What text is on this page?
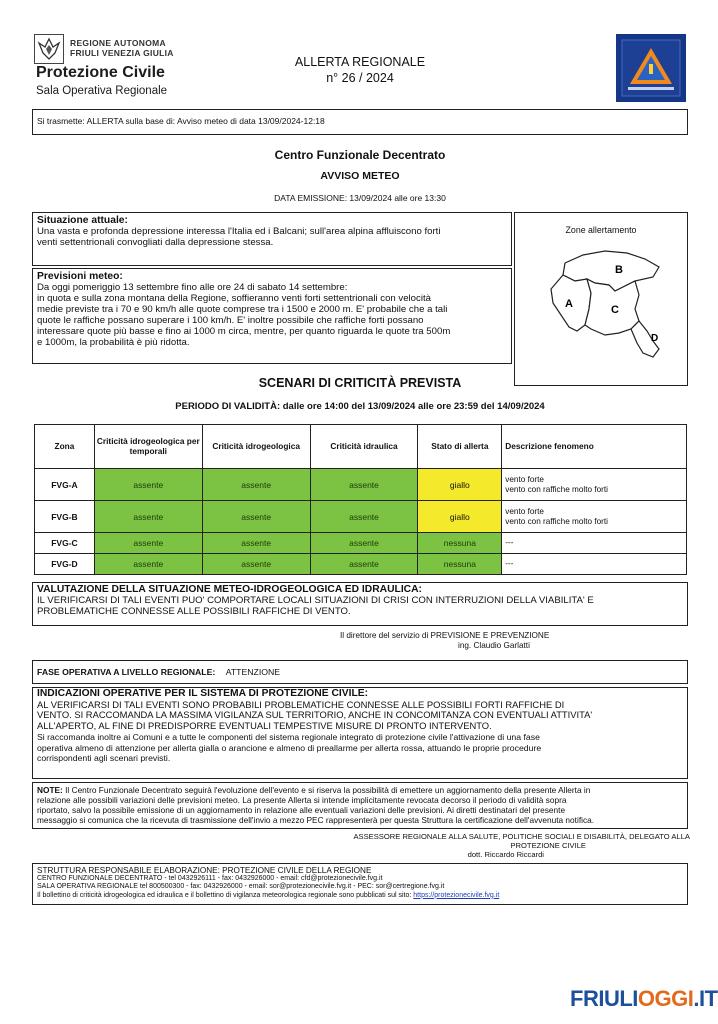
REGIONE AUTONOMA
FRIULI VENEZIA GIULIA
Protezione Civile
Sala Operativa Regionale
ALLERTA REGIONALE
n° 26 / 2024
Si trasmette: ALLERTA sulla base di: Avviso meteo di data 13/09/2024-12:18
Centro Funzionale Decentrato
AVVISO METEO
DATA EMISSIONE: 13/09/2024 alle ore 13:30
Situazione attuale:
Una vasta e profonda depressione interessa l'Italia ed i Balcani; sull'area alpina affluiscono forti
venti settentrionali convogliati dalla depressione stessa.
Previsioni meteo:
Da oggi pomeriggio 13 settembre fino alle ore 24 di sabato 14 settembre:
in quota e sulla zona montana della Regione, soffieranno venti forti settentrionali con velocità
medie previste tra i 70 e 90 km/h alle quote comprese tra i 1500 e 2000 m. E' probabile che a tali
quote le raffiche possano superare i 100 km/h. E' inoltre possibile che raffiche forti possano
interessare quote più basse e fino ai 1000 m circa, mentre, per quanto riguarda le quote tra 500m
e 1000m, la probabilità è più ridotta.
Zone allertamento
B
A	C
D
SCENARI DI CRITICITÀ PREVISTA
PERIODO DI VALIDITÀ: dalle ore 14:00 del 13/09/2024 alle ore 23:59 del 14/09/2024
Zona	Criticità idrogeologica per temporali	Criticità idrogeologica	Criticità idraulica	Stato di allerta	Descrizione fenomeno
FVG-A	assente	assente	assente	giallo	vento forte
vento con raffiche molto forti

FVG-B	assente	assente	assente	giallo	vento forte
vento con raffiche molto forti

FVG-C	assente	assente	assente	nessuna	---
FVG-D	assente	assente	assente	nessuna	---
VALUTAZIONE DELLA SITUAZIONE METEO-IDROGEOLOGICA ED IDRAULICA:
IL VERIFICARSI DI TALI EVENTI PUO' COMPORTARE LOCALI SITUAZIONI DI CRISI CON INTERRUZIONI DELLA VIABILITA' E
PROBLEMATICHE CONNESSE ALLE POSSIBILI RAFFICHE DI VENTO.
Il direttore del servizio di PREVISIONE E PREVENZIONE
ing. Claudio Garlatti
FASE OPERATIVA A LIVELLO REGIONALE: ATTENZIONE
INDICAZIONI OPERATIVE PER IL SISTEMA DI PROTEZIONE CIVILE:
AL VERIFICARSI DI TALI EVENTI SONO PROBABILI PROBLEMATICHE CONNESSE ALLE POSSIBILI FORTI RAFFICHE DI
VENTO. SI RACCOMANDA LA MASSIMA VIGILANZA SUL TERRITORIO, ANCHE IN CONCOMITANZA CON EVENTUALI ATTIVITA'
ALL'APERTO, AL FINE DI PREDISPORRE EVENTUALI TEMPESTIVE MISURE DI PRONTO INTERVENTO.
Si raccomanda inoltre ai Comuni e a tutte le componenti del sistema regionale integrato di protezione civile l'attivazione di una fase
operativa almeno di attenzione per allerta gialla o arancione e almeno di preallarme per allerta rossa, attuando le proprie procedure
corrispondenti agli scenari previsti.
NOTE: Il Centro Funzionale Decentrato seguirà l'evoluzione dell'evento e si riserva la possibilità di emettere un aggiornamento della presente Allerta in
relazione alle possibili variazioni delle previsioni meteo. La presente Allerta si intende implicitamente revocata decorso il periodo di validità sopra
riportato, salvo la possibile emissione di un aggiornamento in relazione alle eventuali variazioni delle previsioni. Ai diretti destinatari del presente
messaggio si comunica che la ricevuta di trasmissione dell'invio a mezzo PEC rappresenterà per questa Struttura la certificazione dell'avvenuta notifica.
ASSESSORE REGIONALE ALLA SALUTE, POLITICHE SOCIALI E DISABILITÀ, DELEGATO ALLA
PROTEZIONE CIVILE
dott. Riccardo Riccardi
STRUTTURA RESPONSABILE ELABORAZIONE: PROTEZIONE CIVILE DELLA REGIONE
CENTRO FUNZIONALE DECENTRATO - tel 0432926111 - fax: 0432926000 - email: cfd@protezionecivile.fvg.it
SALA OPERATIVA REGIONALE tel 800500300 - fax: 0432926000 - email: sor@protezionecivile.fvg.it - PEC: sor@certregione.fvg.it
Il bollettino di criticità idrogeologica ed idraulica e il bollettino di vigilanza meteorologica regionale sono pubblicati sul sito: https://protezionecivile.fvg.it
FRIULIOGGI.IT
